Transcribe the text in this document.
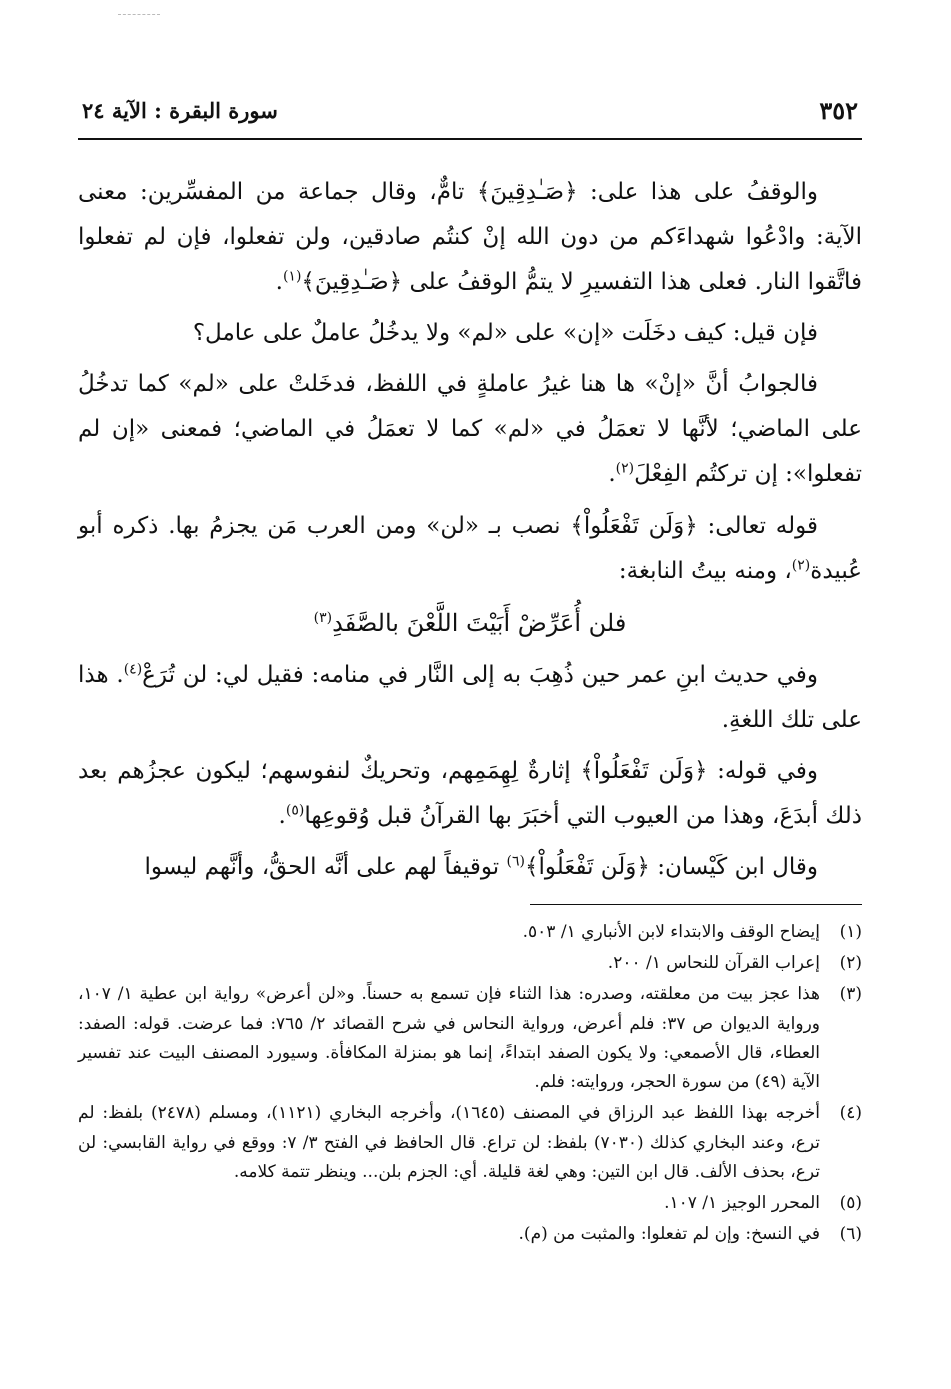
٣٥٢
سورة البقرة : الآية ٢٤

والوقفُ على هذا على: ﴿صَـٰدِقِينَ﴾ تامٌّ، وقال جماعة من المفسِّرين: معنى الآية: وادْعُوا شهداءَكم من دون الله إنْ كنتُم صادقين، ولن تفعلوا، فإن لم تفعلوا فاتَّقوا النار. فعلى هذا التفسيرِ لا يتمُّ الوقفُ على ﴿صَـٰدِقِينَ﴾$^{(١)}$.

فإن قيل: كيف دخَلَت «إن» على «لم» ولا يدخُلُ عاملٌ على عامل؟

فالجوابُ أنَّ «إنْ» ها هنا غيرُ عاملةٍ في اللفظ، فدخَلتْ على «لم» كما تدخُلُ على الماضي؛ لأنَّها لا تعمَلُ في «لم» كما لا تعمَلُ في الماضي؛ فمعنى «إن لم تفعلوا»: إن تركتُم الفِعْلَ$^{(٢)}$.

قوله تعالى: ﴿وَلَن تَفْعَلُواْ﴾ نصب بـ «لن» ومن العرب مَن يجزمُ بها. ذكره أبو عُبيدة$^{(٢)}$، ومنه بيتُ النابغة:

فلن أُعَرِّضْ أَبَيْتَ اللَّعْنَ بالصَّفَدِ$^{(٣)}$

وفي حديث ابنِ عمر حين ذُهِبَ به إلى النَّار في منامه: فقيل لي: لن تُرَعْ$^{(٤)}$. هذا على تلك اللغةِ.

وفي قوله: ﴿وَلَن تَفْعَلُواْ﴾ إثارةٌ لِهِمَمِهم، وتحريكٌ لنفوسهم؛ ليكون عجزُهم بعد ذلك أبدَعَ، وهذا من العيوب التي أخبَرَ بها القرآنُ قبل وُقوعِها$^{(٥)}$.

وقال ابن كَيْسان: ﴿وَلَن تَفْعَلُواْ﴾$^{(٦)}$ توقيفاً لهم على أنَّه الحقُّ، وأنَّهم ليسوا

(١)
إيضاح الوقف والابتداء لابن الأنباري ١/ ٥٠٣.
(٢)
إعراب القرآن للنحاس ١/ ٢٠٠.
(٣)
هذا عجز بيت من معلقته، وصدره: هذا الثناء فإن تسمع به حسناً. و«لن أعرض» رواية ابن عطية ١/ ١٠٧، ورواية الديوان ص ٣٧: فلم أعرض، ورواية النحاس في شرح القصائد ٢/ ٧٦٥: فما عرضت. قوله: الصفد: العطاء، قال الأصمعي: ولا يكون الصفد ابتداءً، إنما هو بمنزلة المكافأة. وسيورد المصنف البيت عند تفسير الآية (٤٩) من سورة الحجر، وروايته: فلم.
(٤)
أخرجه بهذا اللفظ عبد الرزاق في المصنف (١٦٤٥)، وأخرجه البخاري (١١٢١)، ومسلم (٢٤٧٨) بلفظ: لم ترع، وعند البخاري كذلك (٧٠٣٠) بلفظ: لن تراع. قال الحافظ في الفتح ٣/ ٧: ووقع في رواية القابسي: لن ترع، بحذف الألف. قال ابن التين: وهي لغة قليلة. أي: الجزم بلن... وينظر تتمة كلامه.
(٥)
المحرر الوجيز ١/ ١٠٧.
(٦)
في النسخ: وإن لم تفعلوا: والمثبت من (م).
